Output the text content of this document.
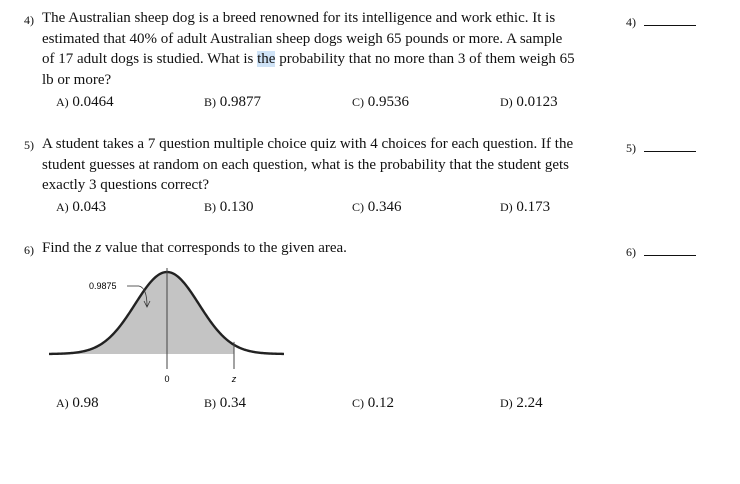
4) The Australian sheep dog is a breed renowned for its intelligence and work ethic. It is
estimated that 40% of adult Australian sheep dogs weigh 65 pounds or more. A sample
of 17 adult dogs is studied. What is the probability that no more than 3 of them weigh 65
lb or more?
4)
A) 0.0464	B) 0.9877	C) 0.9536	D) 0.0123
5) A student takes a 7 question multiple choice quiz with 4 choices for each question. If the
student guesses at random on each question, what is the probability that the student gets
exactly 3 questions correct?
5)
A) 0.043	B) 0.130	C) 0.346	D) 0.173
6) Find the z value that corresponds to the given area.	6)
0.9875
0	z
A) 0.98	B) 0.34	C) 0.12	D) 2.24
